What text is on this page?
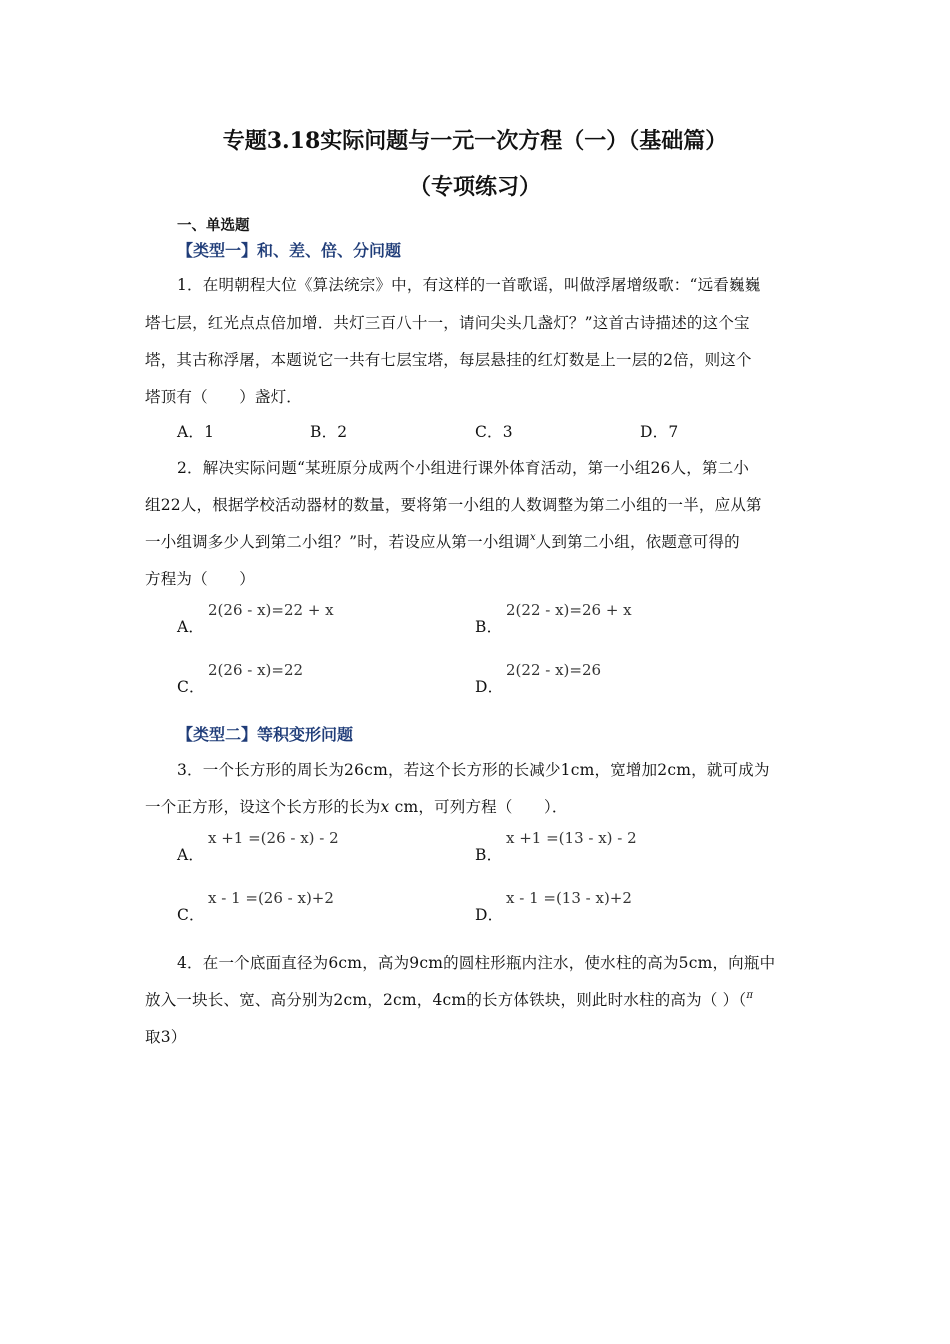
专题3.18实际问题与一元一次方程（一）（基础篇）
（专项练习）
一、单选题
【类型一】和、差、倍、分问题
1．在明朝程大位《算法统宗》中，有这样的一首歌谣，叫做浮屠增级歌：“远看巍巍
塔七层，红光点点倍加增．共灯三百八十一，请问尖头几盏灯？”这首古诗描述的这个宝
塔，其古称浮屠，本题说它一共有七层宝塔，每层悬挂的红灯数是上一层的2倍，则这个
塔顶有（　　）盏灯．
A．1	B．2	C．3	D．7
2．解决实际问题“某班原分成两个小组进行课外体育活动，第一小组26人，第二小
组22人，根据学校活动器材的数量，要将第一小组的人数调整为第二小组的一半，应从第
一小组调多少人到第二小组？”时，若设应从第一小组调$^x$人到第二小组，依题意可得的
方程为（　　）
A．
2(26 - x)=22 + x
B．
2(22 - x)=26 + x
C．
2(26 - x)=22
D．
2(22 - x)=26
【类型二】等积变形问题
3．一个长方形的周长为26cm，若这个长方形的长减少1cm，宽增加2cm，就可成为
一个正方形，设这个长方形的长为x cm，可列方程（　　）．
A．
x +1 =(26 - x) - 2
B．
x +1 =(13 - x) - 2
C．
x - 1 =(26 - x)+2
D．
x - 1 =(13 - x)+2
4．在一个底面直径为6cm，高为9cm的圆柱形瓶内注水，使水柱的高为5cm，向瓶中
放入一块长、宽、高分别为2cm，2cm，4cm的长方体铁块，则此时水柱的高为（ ）（$^\pi$
取3）
